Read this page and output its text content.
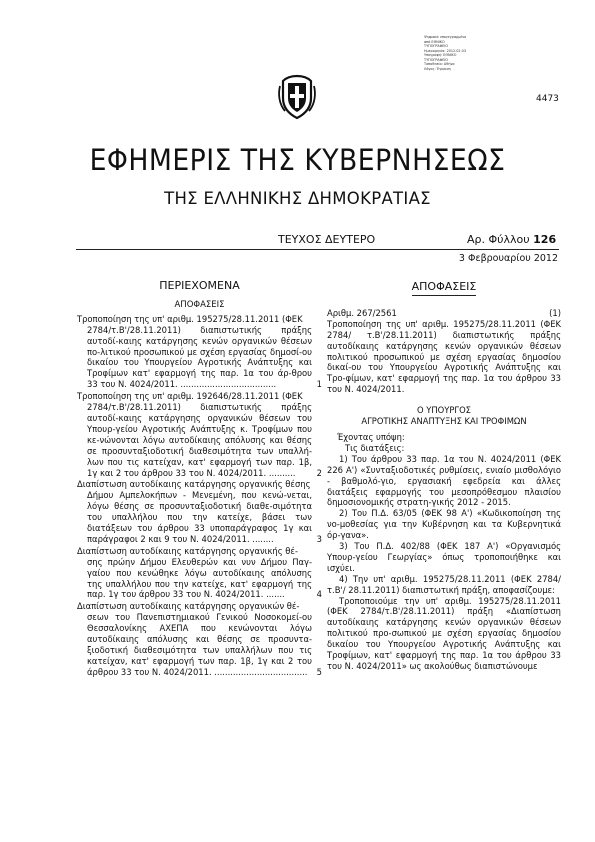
Ψηφιακά υπογεγραμμένο
από ΕΘΝΙΚΟ
ΤΥΠΟΓΡΑΦΕΙΟ
Ημερομηνία: 2012.02.03
Υπογραφή: ΕΘΝΙΚΟ
ΤΥΠΟΓΡΑΦΕΙΟ
Τοποθεσία: Αθήνα
Λόγος: Έγκριση
4473
ΕΦΗΜΕΡΙΣ ΤΗΣ ΚΥΒΕΡΝΗΣΕΩΣ
ΤΗΣ ΕΛΛΗΝΙΚΗΣ ΔΗΜΟΚΡΑΤΙΑΣ
ΤΕΥΧΟΣ ΔΕΥΤΕΡΟ	Αρ. Φύλλου 126
3 Φεβρουαρίου 2012
ΠΕΡΙΕΧΟΜΕΝΑ
ΑΠΟΦΑΣΕΙΣ
Τροποποίηση της υπ' αριθμ. 195275/28.11.2011 (ΦΕΚ
2784/τ.Β'/28.11.2011) διαπιστωτικής πράξης αυτοδί-καιης κατάργησης κενών οργανικών θέσεων πο-λιτικού προσωπικού με σχέση εργασίας δημοσί-ου δικαίου του Υπουργείου Αγροτικής Ανάπτυξης και Τροφίμων κατ' εφαρμογή της παρ. 1α του άρ-θρου 33 του Ν. 4024/2011. ....................................	1
Τροποποίηση της υπ' αριθμ. 192646/28.11.2011 (ΦΕΚ
2784/τ.Β'/28.11.2011) διαπιστωτικής πράξης αυτοδί-καιης κατάργησης οργανικών θέσεων του Υπουρ-γείου Αγροτικής Ανάπτυξης κ. Τροφίμων που κε-νώνονται λόγω αυτοδίκαιης απόλυσης και θέσης σε προσυνταξιοδοτική διαθεσιμότητα των υπαλλή-λων που τις κατείχαν, κατ' εφαρμογή των παρ. 1β, 1γ και 2 του άρθρου 33 του Ν. 4024/2011. ..........	2
Διαπίστωση αυτοδίκαιης κατάργησης οργανικής θέσης
Δήμου Αμπελοκήπων - Μενεμένη, που κενώ-νεται, λόγω θέσης σε προσυνταξιοδοτική διαθε-σιμότητα του υπαλλήλου που την κατείχε, βάσει των διατάξεων του άρθρου 33 υποπαράγραφος 1γ και παράγραφοι 2 και 9 του Ν. 4024/2011. ........	3
Διαπίστωση αυτοδίκαιης κατάργησης οργανικής θέ-
σης πρώην Δήμου Ελευθερών και νυν Δήμου Παγ-γαίου που κενώθηκε λόγω αυτοδίκαιης απόλυσης της υπαλλήλου που την κατείχε, κατ' εφαρμογή της παρ. 1γ του άρθρου 33 του Ν. 4024/2011. .......	4
Διαπίστωση αυτοδίκαιης κατάργησης οργανικών θέ-
σεων του Πανεπιστημιακού Γενικού Νοσοκομεί-ου Θεσσαλονίκης ΑΧΕΠΑ που κενώνονται λόγω αυτοδίκαιης απόλυσης και θέσης σε προσυντα-ξιοδοτική διαθεσιμότητα των υπαλλήλων που τις κατείχαν, κατ' εφαρμογή των παρ. 1β, 1γ και 2 του άρθρου 33 του Ν. 4024/2011. ................................... 5
ΑΠΟΦΑΣΕΙΣ
Αριθμ. 267/2561	(1)
Τροποποίηση της υπ' αριθμ. 195275/28.11.2011 (ΦΕΚ 2784/ τ.Β'/28.11.2011) διαπιστωτικής πράξης αυτοδίκαιης κατάργησης κενών οργανικών θέσεων πολιτικού προσωπικού με σχέση εργασίας δημοσίου δικαί-ου του Υπουργείου Αγροτικής Ανάπτυξης και Τρο-φίμων, κατ' εφαρμογή της παρ. 1α του άρθρου 33 του Ν. 4024/2011.
Ο ΥΠΟΥΡΓΟΣ
ΑΓΡΟΤΙΚΗΣ ΑΝΑΠΤΥΞΗΣ ΚΑΙ ΤΡΟΦΙΜΩΝ
Έχοντας υπόψη:
Τις διατάξεις:
1) Του άρθρου 33 παρ. 1α του Ν. 4024/2011 (ΦΕΚ 226 Α') «Συνταξιοδοτικές ρυθμίσεις, ενιαίο μισθολόγιο - βαθμολό-γιο, εργασιακή εφεδρεία και άλλες διατάξεις εφαρμογής του μεσοπρόθεσμου πλαισίου δημοσιονομικής στρατη-γικής 2012 - 2015.
2) Του Π.Δ. 63/05 (ΦΕΚ 98 Α') «Κωδικοποίηση της νο-μοθεσίας για την Κυβέρνηση και τα Κυβερνητικά όρ-γανα».
3) Του Π.Δ. 402/88 (ΦΕΚ 187 Α') «Οργανισμός Υπουρ-γείου Γεωργίας» όπως τροποποιήθηκε και ισχύει.
4) Την υπ' αριθμ. 195275/28.11.2011 (ΦΕΚ 2784/τ.Β'/ 28.11.2011) διαπιστωτική πράξη, αποφασίζουμε:
Τροποποιούμε την υπ' αριθμ. 195275/28.11.2011 (ΦΕΚ 2784/τ.Β'/28.11.2011) πράξη «Διαπίστωση αυτοδίκαιης κατάργησης κενών οργανικών θέσεων πολιτικού προ-σωπικού με σχέση εργασίας δημοσίου δικαίου του Υπουργείου Αγροτικής Ανάπτυξης και Τροφίμων, κατ' εφαρμογή της παρ. 1α του άρθρου 33 του Ν. 4024/2011» ως ακολούθως διαπιστώνουμε
